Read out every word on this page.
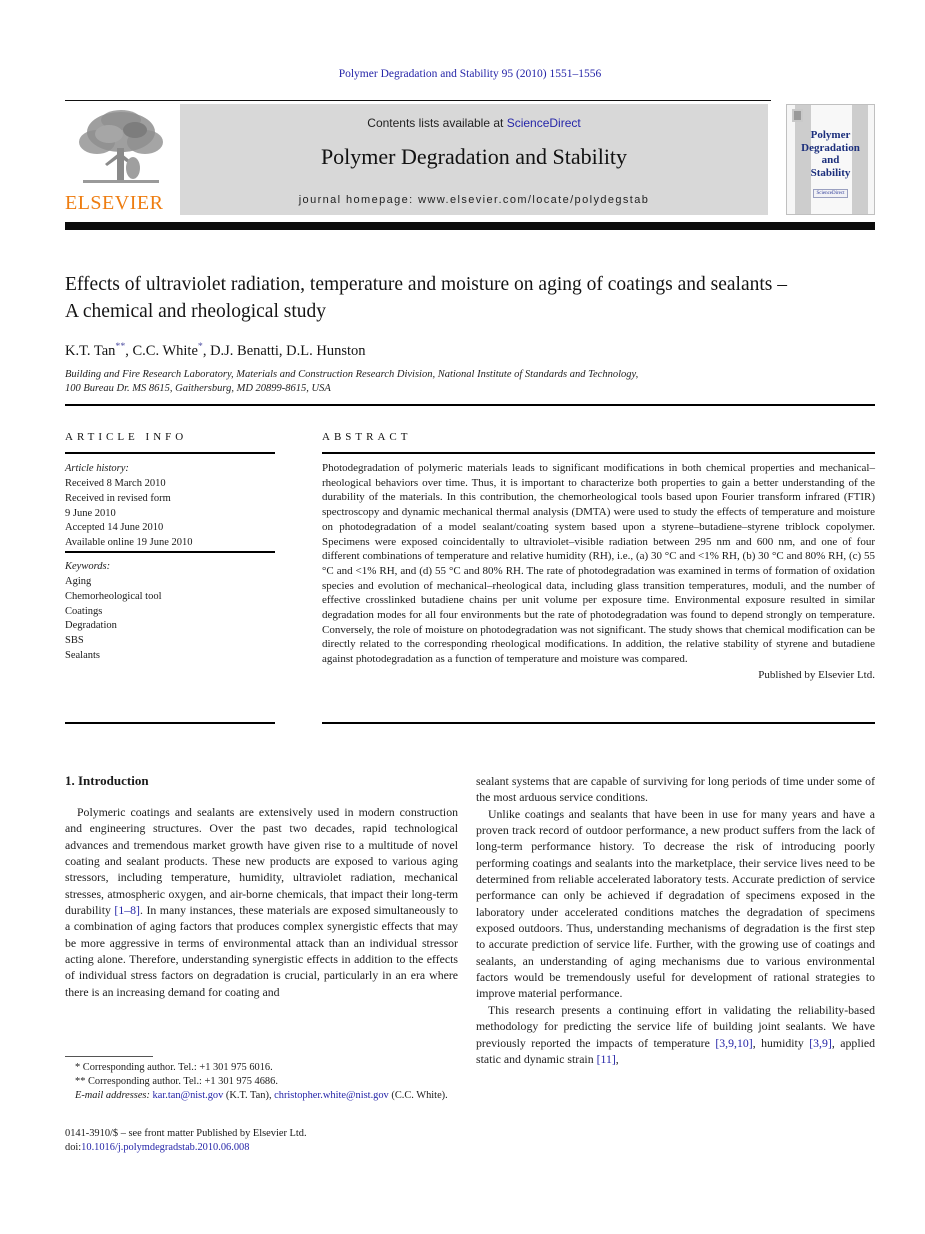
Polymer Degradation and Stability 95 (2010) 1551–1556
ELSEVIER
Contents lists available at ScienceDirect
Polymer Degradation and Stability
journal homepage: www.elsevier.com/locate/polydegstab
Polymer
Degradation
and
Stability
ScienceDirect
Effects of ultraviolet radiation, temperature and moisture on aging of coatings and sealants – A chemical and rheological study
K.T. Tan**, C.C. White*, D.J. Benatti, D.L. Hunston
Building and Fire Research Laboratory, Materials and Construction Research Division, National Institute of Standards and Technology,
100 Bureau Dr. MS 8615, Gaithersburg, MD 20899-8615, USA
ARTICLE INFO
Article history:
Received 8 March 2010
Received in revised form
9 June 2010
Accepted 14 June 2010
Available online 19 June 2010
Keywords:
Aging
Chemorheological tool
Coatings
Degradation
SBS
Sealants
ABSTRACT
Photodegradation of polymeric materials leads to significant modifications in both chemical properties and mechanical–rheological behaviors over time. Thus, it is important to characterize both properties to gain a better understanding of the durability of the materials. In this contribution, the chemorheological tools based upon Fourier transform infrared (FTIR) spectroscopy and dynamic mechanical thermal analysis (DMTA) were used to study the effects of temperature and moisture on photodegradation of a model sealant/coating system based upon a styrene–butadiene–styrene triblock copolymer. Specimens were exposed coincidentally to ultraviolet–visible radiation between 295 nm and 600 nm, and one of four different combinations of temperature and relative humidity (RH), i.e., (a) 30 °C and <1% RH, (b) 30 °C and 80% RH, (c) 55 °C and <1% RH, and (d) 55 °C and 80% RH. The rate of photodegradation was examined in terms of formation of oxidation species and evolution of mechanical–rheological data, including glass transition temperatures, moduli, and the number of effective crosslinked butadiene chains per unit volume per exposure time. Environmental exposure resulted in similar degradation modes for all four environments but the rate of photodegradation was found to depend strongly on temperature. Conversely, the role of moisture on photodegradation was not significant. The study shows that chemical modification can be directly related to the corresponding rheological modifications. In addition, the relative stability of styrene and butadiene against photodegradation as a function of temperature and moisture was compared.
Published by Elsevier Ltd.
1. Introduction

Polymeric coatings and sealants are extensively used in modern construction and engineering structures. Over the past two decades, rapid technological advances and tremendous market growth have given rise to a multitude of novel coating and sealant products. These new products are exposed to various aging stressors, including temperature, humidity, ultraviolet radiation, mechanical stresses, atmospheric oxygen, and air-borne chemicals, that impact their long-term durability [1–8]. In many instances, these materials are exposed simultaneously to a combination of aging factors that produces complex synergistic effects that may be more aggressive in terms of environmental attack than an individual stressor acting alone. Therefore, understanding synergistic effects in addition to the effects of individual stress factors on degradation is crucial, particularly in an era where there is an increasing demand for coating and

sealant systems that are capable of surviving for long periods of time under some of the most arduous service conditions.

Unlike coatings and sealants that have been in use for many years and have a proven track record of outdoor performance, a new product suffers from the lack of long-term performance history. To decrease the risk of introducing poorly performing coatings and sealants into the marketplace, their service lives need to be determined from reliable accelerated laboratory tests. Accurate prediction of service performance can only be achieved if degradation of specimens exposed in the laboratory under accelerated conditions matches the degradation of specimens exposed outdoors. Thus, understanding mechanisms of degradation is the first step to accurate prediction of service life. Further, with the growing use of coatings and sealants, an understanding of aging mechanisms due to various environmental factors would be tremendously useful for development of rational strategies to improve material performance.

This research presents a continuing effort in validating the reliability-based methodology for predicting the service life of building joint sealants. We have previously reported the impacts of temperature [3,9,10], humidity [3,9], applied static and dynamic strain [11],

* Corresponding author. Tel.: +1 301 975 6016.
** Corresponding author. Tel.: +1 301 975 4686.
E-mail addresses: kar.tan@nist.gov (K.T. Tan), christopher.white@nist.gov (C.C. White).
0141-3910/$ – see front matter Published by Elsevier Ltd.
doi:10.1016/j.polymdegradstab.2010.06.008
